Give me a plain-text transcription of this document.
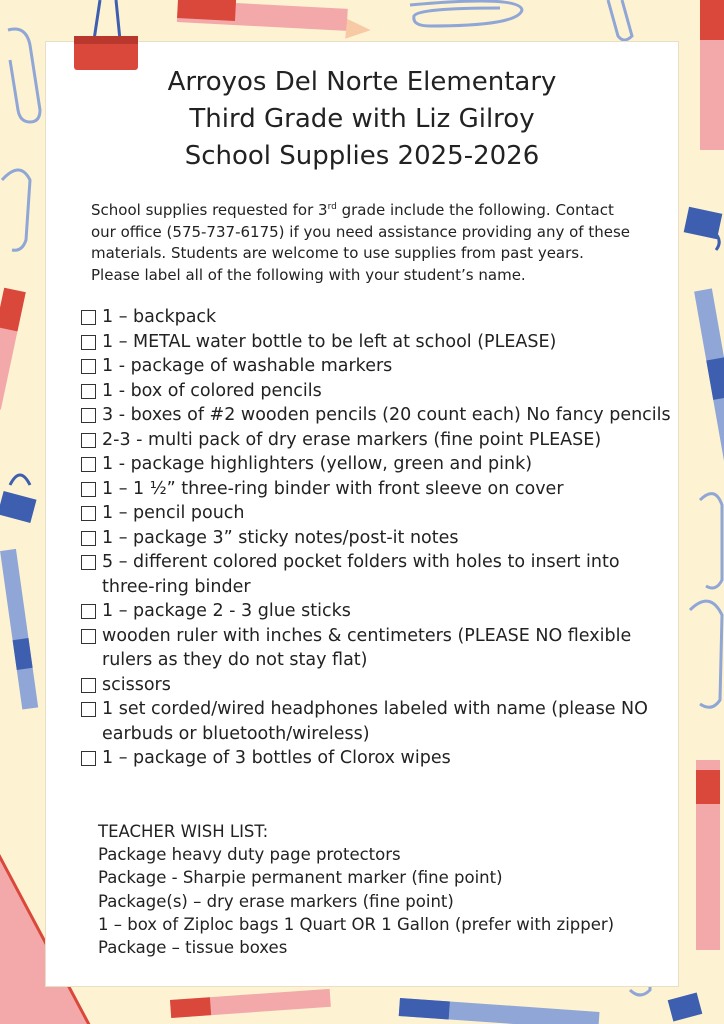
Arroyos Del Norte Elementary
Third Grade with Liz Gilroy
School Supplies 2025-2026
School supplies requested for 3rd grade include the following. Contact
our office (575-737-6175) if you need assistance providing any of these
materials. Students are welcome to use supplies from past years.
Please label all of the following with your student’s name.
1 – backpack
1 – METAL water bottle to be left at school (PLEASE)
1 - package of washable markers
1 - box of colored pencils
3 - boxes of #2 wooden pencils (20 count each) No fancy pencils
2-3 - multi pack of dry erase markers (fine point PLEASE)
1 - package highlighters (yellow, green and pink)
1 – 1 ½” three-ring binder with front sleeve on cover
1 – pencil pouch
1 – package 3” sticky notes/post-it notes
5 – different colored pocket folders with holes to insert into
three-ring binder
1 – package 2 - 3 glue sticks
wooden ruler with inches & centimeters (PLEASE NO flexible
rulers as they do not stay flat)
scissors
1 set corded/wired headphones labeled with name (please NO
earbuds or bluetooth/wireless)
1 – package of 3 bottles of Clorox wipes
TEACHER WISH LIST:
Package heavy duty page protectors
Package - Sharpie permanent marker (fine point)
Package(s) – dry erase markers (fine point)
1 – box of Ziploc bags 1 Quart OR 1 Gallon (prefer with zipper)
Package – tissue boxes
